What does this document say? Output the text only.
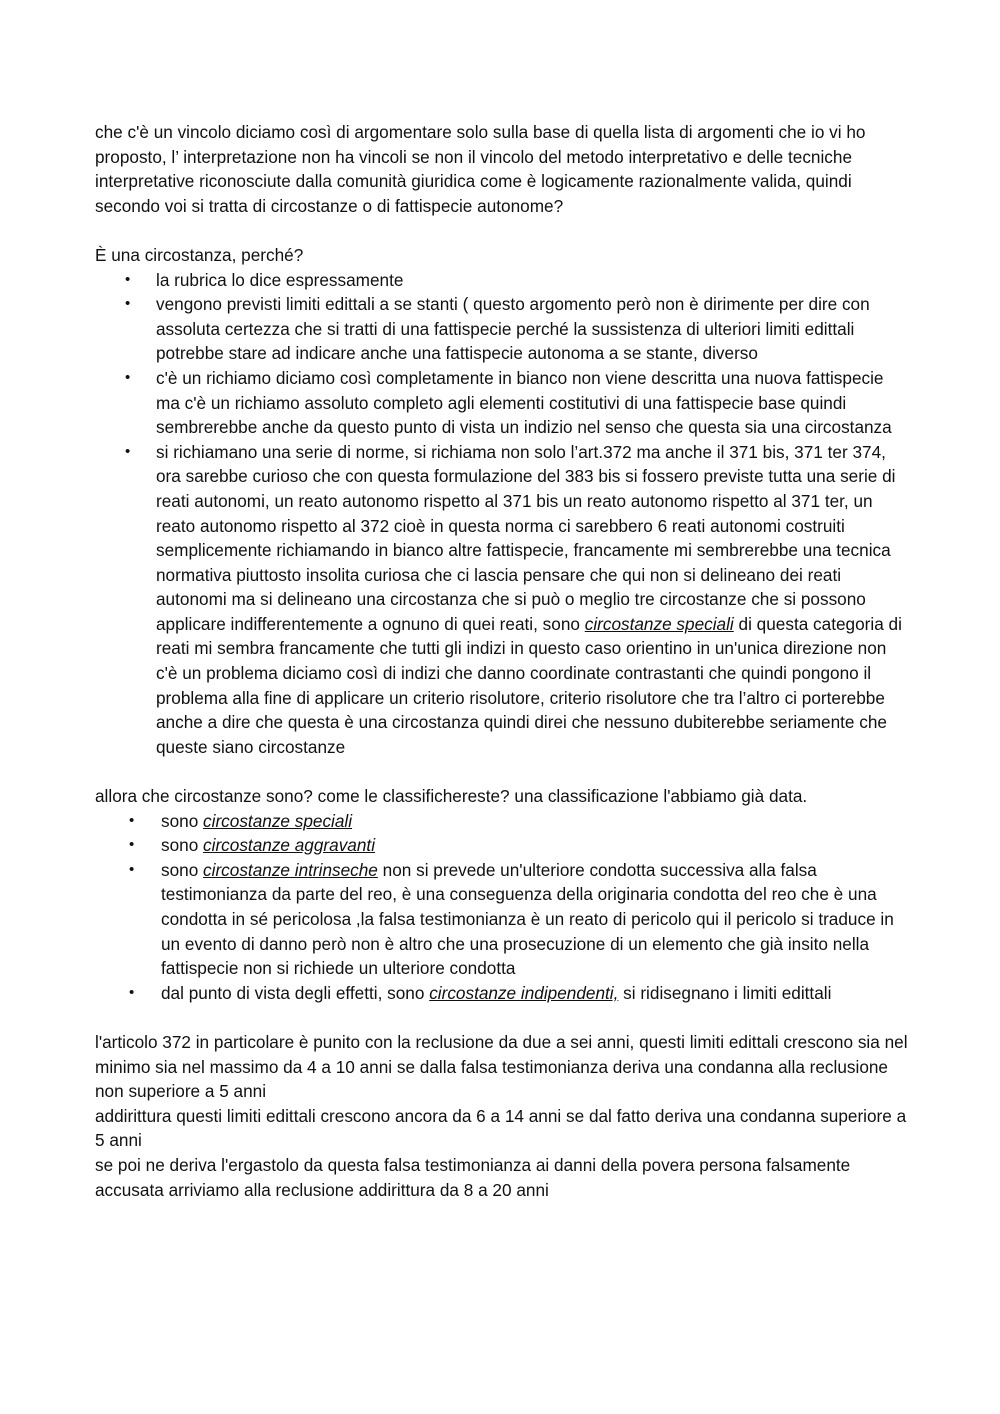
che c'è un vincolo diciamo così di argomentare solo sulla base di quella lista di argomenti che io vi ho proposto, l’ interpretazione non ha vincoli se non il vincolo del metodo interpretativo e delle tecniche interpretative riconosciute dalla comunità giuridica come è logicamente razionalmente valida, quindi secondo voi si tratta di circostanze o di fattispecie autonome?

È una circostanza, perché?

• la rubrica lo dice espressamente
• vengono previsti limiti edittali a se stanti ( questo argomento però non è dirimente per dire con assoluta certezza che si tratti di una fattispecie perché la sussistenza di ulteriori limiti edittali potrebbe stare ad indicare anche una fattispecie autonoma a se stante, diverso
• c'è un richiamo diciamo così completamente in bianco non viene descritta una nuova fattispecie ma c'è un richiamo assoluto completo agli elementi costitutivi di una fattispecie base quindi sembrerebbe anche da questo punto di vista un indizio nel senso che questa sia una circostanza
• si richiamano una serie di norme, si richiama non solo l’art.372 ma anche il 371 bis, 371 ter 374, ora sarebbe curioso che con questa formulazione del 383 bis si fossero previste tutta una serie di reati autonomi, un reato autonomo rispetto al 371 bis un reato autonomo rispetto al 371 ter, un reato autonomo rispetto al 372 cioè in questa norma ci sarebbero 6 reati autonomi costruiti semplicemente richiamando in bianco altre fattispecie, francamente mi sembrerebbe una tecnica normativa piuttosto insolita curiosa che ci lascia pensare che qui non si delineano dei reati autonomi ma si delineano una circostanza che si può o meglio tre circostanze che si possono applicare indifferentemente a ognuno di quei reati, sono circostanze speciali di questa categoria di reati mi sembra francamente che tutti gli indizi in questo caso orientino in un'unica direzione non c'è un problema diciamo così di indizi che danno coordinate contrastanti che quindi pongono il problema alla fine di applicare un criterio risolutore, criterio risolutore che tra l’altro ci porterebbe anche a dire che questa è una circostanza quindi direi che nessuno dubiterebbe seriamente che queste siano circostanze

allora che circostanze sono? come le classifichereste? una classificazione l'abbiamo già data.

• sono circostanze speciali
• sono circostanze aggravanti
• sono circostanze intrinseche non si prevede un'ulteriore condotta successiva alla falsa testimonianza da parte del reo, è una conseguenza della originaria condotta del reo che è una condotta in sé pericolosa ,la falsa testimonianza è un reato di pericolo qui il pericolo si traduce in un evento di danno però non è altro che una prosecuzione di un elemento che già insito nella fattispecie non si richiede un ulteriore condotta
• dal punto di vista degli effetti, sono circostanze indipendenti, si ridisegnano i limiti edittali

l'articolo 372 in particolare è punito con la reclusione da due a sei anni, questi limiti edittali crescono sia nel minimo sia nel massimo da 4 a 10 anni se dalla falsa testimonianza deriva una condanna alla reclusione non superiore a 5 anni

addirittura questi limiti edittali crescono ancora da 6 a 14 anni se dal fatto deriva una condanna superiore a 5 anni

se poi ne deriva l'ergastolo da questa falsa testimonianza ai danni della povera persona falsamente accusata arriviamo alla reclusione addirittura da 8 a 20 anni
